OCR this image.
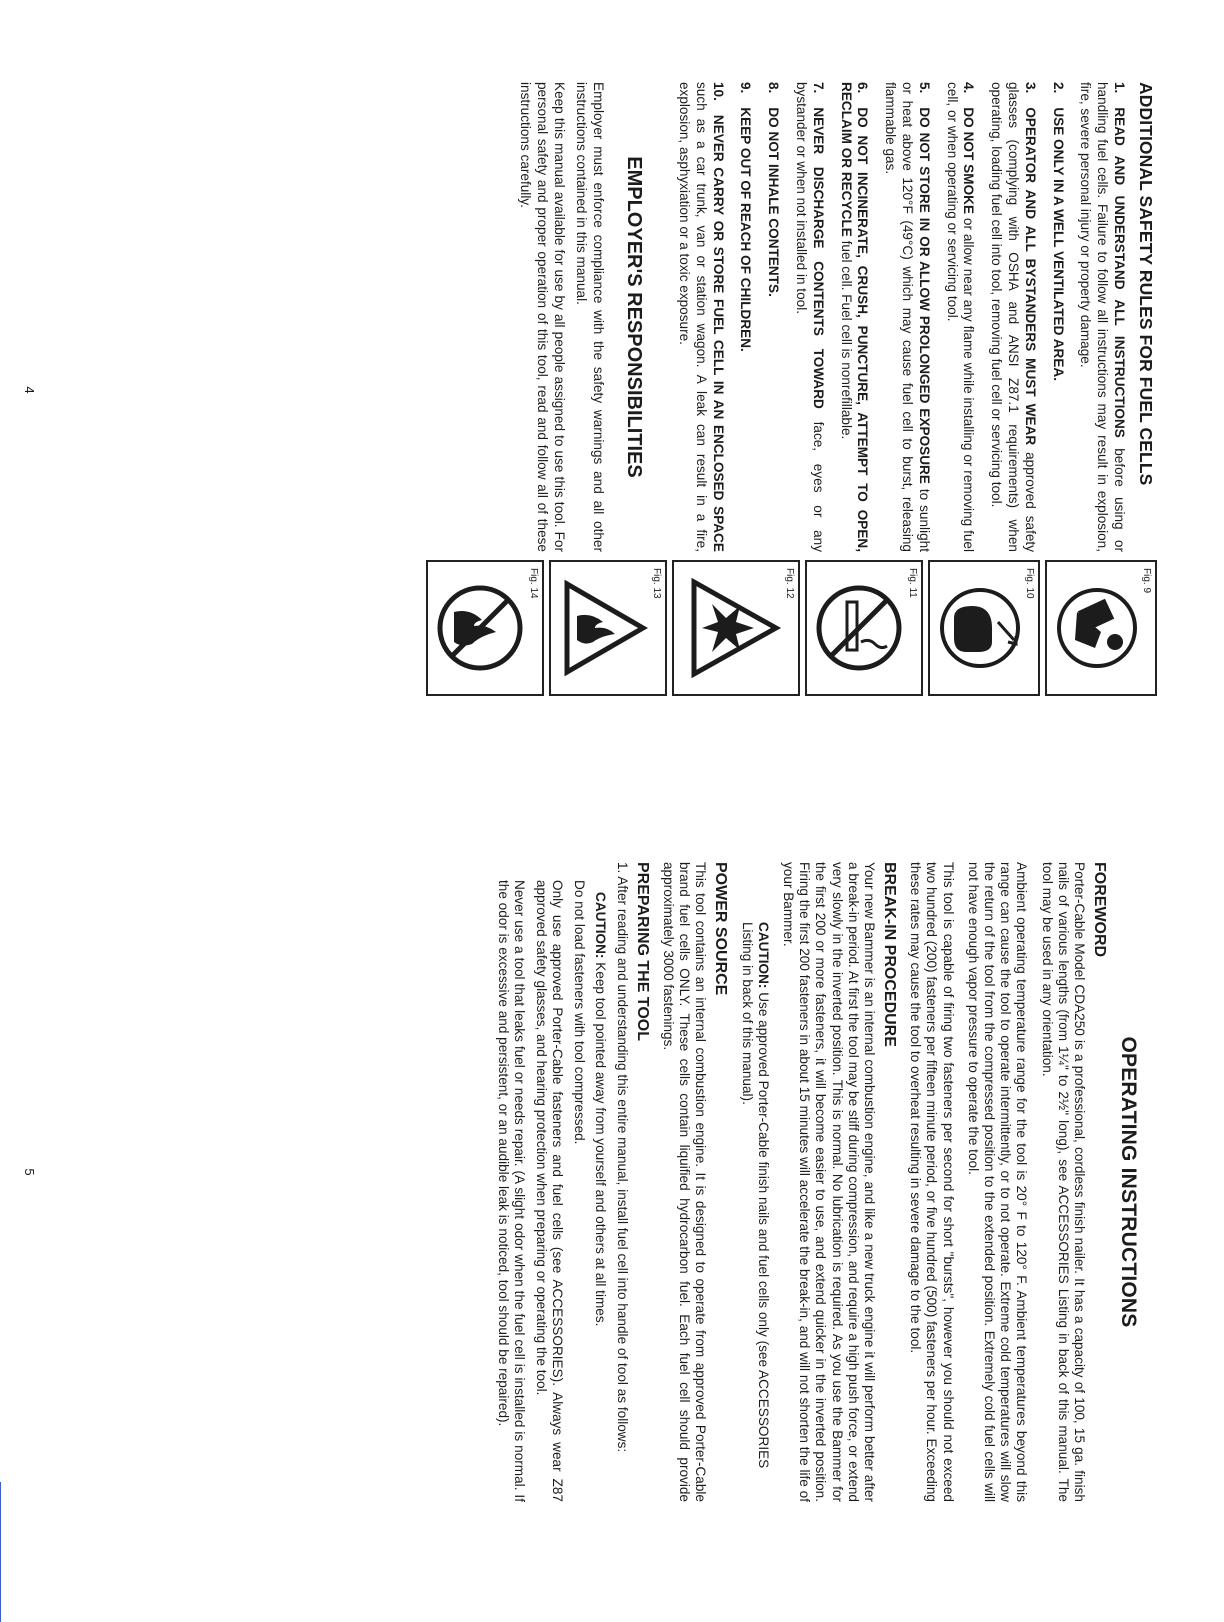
ADDITIONAL SAFETY RULES FOR FUEL CELLS

1.READ AND UNDERSTAND ALL INSTRUCTIONS before using or handling fuel cells. Failure to follow all instructions may result in explosion, fire, severe personal injury or property damage.

2.USE ONLY IN A WELL VENTILATED AREA.

3.OPERATOR AND ALL BYSTANDERS MUST WEAR approved safety glasses (complying with OSHA and ANSI Z87.1 requirements) when operating, loading fuel cell into tool, removing fuel cell or servicing tool.

4.DO NOT SMOKE or allow near any flame while installing or removing fuel cell, or when operating or servicing tool.

5.DO NOT STORE IN OR ALLOW PROLONGED EXPOSURE to sunlight or heat above 120°F (49°C) which may cause fuel cell to burst, releasing flammable gas.

6.DO NOT INCINERATE, CRUSH, PUNCTURE, ATTEMPT TO OPEN, RECLAIM OR RECYCLE fuel cell. Fuel cell is nonrefillable.

7.NEVER DISCHARGE CONTENTS TOWARD face, eyes or any bystander or when not installed in tool.

8.DO NOT INHALE CONTENTS.

9.KEEP OUT OF REACH OF CHILDREN.

10.NEVER CARRY OR STORE FUEL CELL IN AN ENCLOSED SPACE such as a car trunk, van or station wagon. A leak can result in a fire, explosion, asphyxiation or a toxic exposure.

EMPLOYER'S RESPONSIBILITIES

Employer must enforce compliance with the safety warnings and all other instructions contained in this manual.

Keep this manual available for use by all people assigned to use this tool. For personal safety and proper operation of this tool, read and follow all of these instructions carefully.

Fig. 9
Fig. 10
Fig. 11
Fig. 12
Fig. 13
Fig. 14
4
OPERATING INSTRUCTIONS
FOREWORD

Porter-Cable Model CDA250 is a professional, cordless finish nailer. It has a capacity of 100, 15 ga. finish nails of various lengths (from 1¼" to 2½" long), see ACCESSORIES Listing in back of this manual. The tool may be used in any orientation.

Ambient operating temperature range for the tool is 20° F to 120° F. Ambient temperatures beyond this range can cause the tool to operate intermittently, or to not operate. Extreme cold temperatures will slow the return of the tool from the compressed position to the extended position. Extremely cold fuel cells will not have enough vapor pressure to operate the tool.

This tool is capable of firing two fasteners per second for short "bursts", however you should not exceed two hundred (200) fasteners per fifteen minute period, or five hundred (500) fasteners per hour. Exceeding these rates may cause the tool to overheat resulting in severe damage to the tool.

BREAK-IN PROCEDURE

Your new Bammer is an internal combustion engine, and like a new truck engine it will perform better after a break-in period. At first the tool may be stiff during compression, and require a high push force, or extend very slowly in the inverted position. This is normal. No lubrication is required. As you use the Bammer for the first 200 or more fasteners, it will become easier to use, and extend quicker in the inverted position. Firing the first 200 fasteners in about 15 minutes will accelerate the break-in, and will not shorten the life of your Bammer.

CAUTION: Use approved Porter-Cable finish nails and fuel cells only (see ACCESSORIES Listing in back of this manual).

POWER SOURCE

This tool contains an internal combustion engine. It is designed to operate from approved Porter-Cable brand fuel cells ONLY. These cells contain liquified hydrocarbon fuel. Each fuel cell should provide approximately 3000 fastenings.

PREPARING THE TOOL

1. After reading and understanding this entire manual, install fuel cell into handle of tool as follows:

CAUTION: Keep tool pointed away from yourself and others at all times.

Do not load fasteners with tool compressed.

Only use approved Porter-Cable fasteners and fuel cells (see ACCESSORIES). Always wear Z87 approved safety glasses, and hearing protection when preparing or operating the tool.

Never use a tool that leaks fuel or needs repair. (A slight odor when the fuel cell is installed is normal. If the odor is excessive and persistent, or an audible leak is noticed, tool should be repaired).

5
